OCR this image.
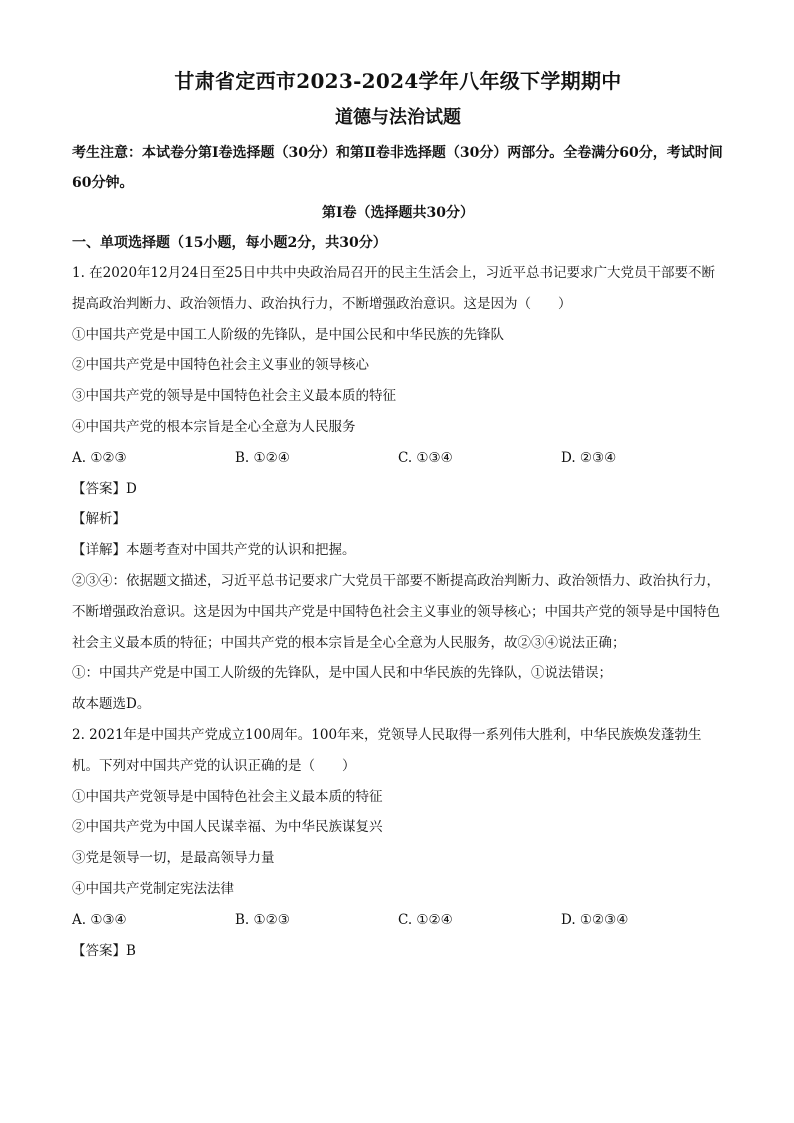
甘肃省定西市2023-2024学年八年级下学期期中
道德与法治试题

考生注意：本试卷分第Ⅰ卷选择题（30分）和第Ⅱ卷非选择题（30分）两部分。全卷满分60分，考试时间60分钟。

第Ⅰ卷（选择题共30分）

一、单项选择题（15小题，每小题2分，共30分）

1. 在2020年12月24日至25日中共中央政治局召开的民主生活会上，习近平总书记要求广大党员干部要不断提高政治判断力、政治领悟力、政治执行力，不断增强政治意识。这是因为（　　）

①中国共产党是中国工人阶级的先锋队，是中国公民和中华民族的先锋队

②中国共产党是中国特色社会主义事业的领导核心

③中国共产党的领导是中国特色社会主义最本质的特征

④中国共产党的根本宗旨是全心全意为人民服务

A. ①②③	B. ①②④	C. ①③④	D. ②③④

【答案】D

【解析】

【详解】本题考查对中国共产党的认识和把握。

②③④：依据题文描述，习近平总书记要求广大党员干部要不断提高政治判断力、政治领悟力、政治执行力，不断增强政治意识。这是因为中国共产党是中国特色社会主义事业的领导核心；中国共产党的领导是中国特色社会主义最本质的特征；中国共产党的根本宗旨是全心全意为人民服务，故②③④说法正确；

①：中国共产党是中国工人阶级的先锋队，是中国人民和中华民族的先锋队，①说法错误；

故本题选D。

2. 2021年是中国共产党成立100周年。100年来，党领导人民取得一系列伟大胜利，中华民族焕发蓬勃生机。下列对中国共产党的认识正确的是（　　）

①中国共产党领导是中国特色社会主义最本质的特征

②中国共产党为中国人民谋幸福、为中华民族谋复兴

③党是领导一切，是最高领导力量

④中国共产党制定宪法法律

A. ①③④	B. ①②③	C. ①②④	D. ①②③④

【答案】B
